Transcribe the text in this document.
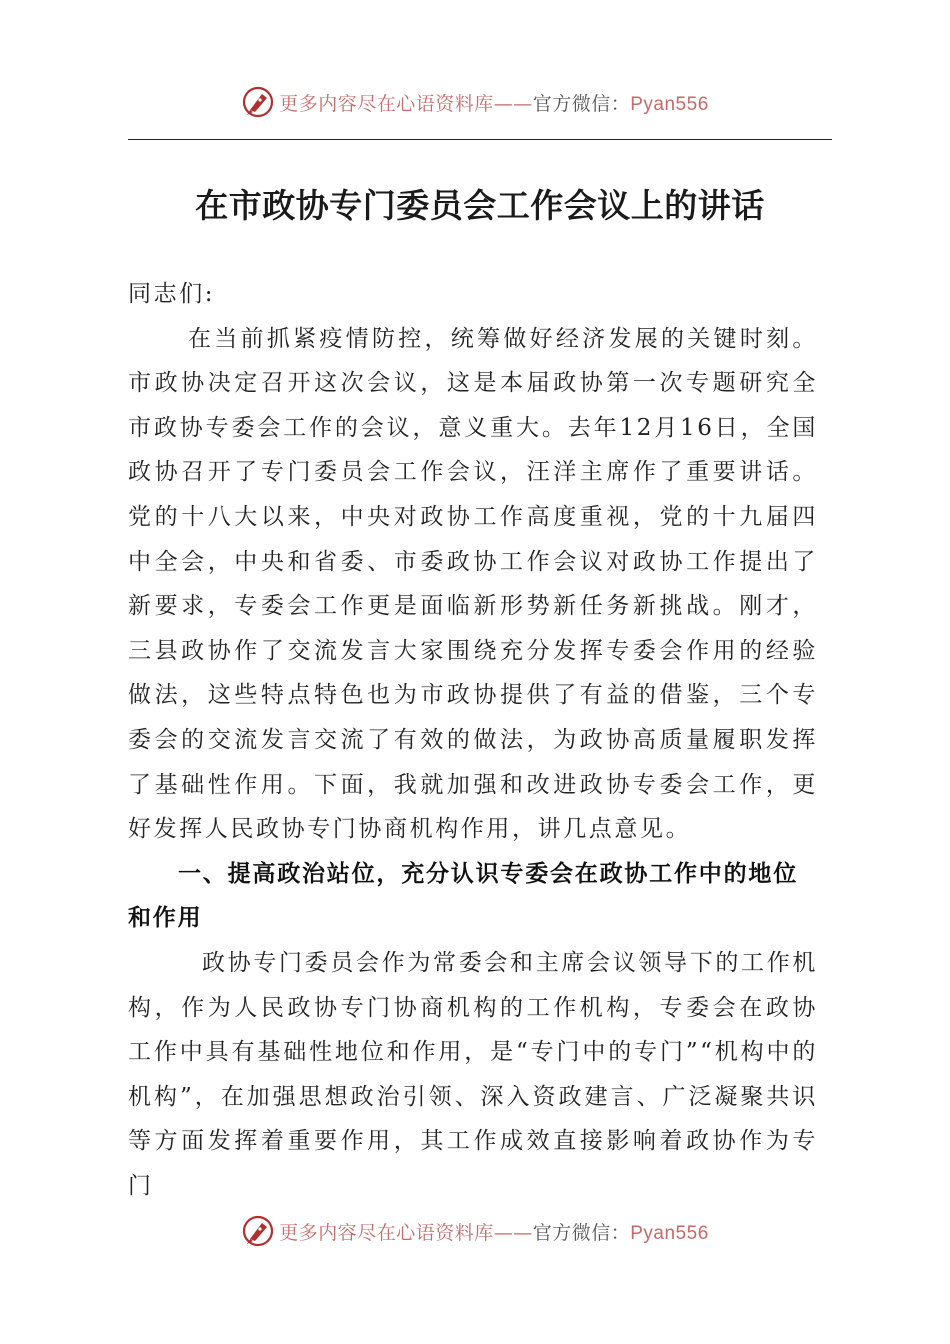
更多内容尽在心语资料库——官方微信：Pyan556
在市政协专门委员会工作会议上的讲话

同志们:

在当前抓紧疫情防控，统筹做好经济发展的关键时刻。市政协决定召开这次会议，这是本届政协第一次专题研究全市政协专委会工作的会议，意义重大。去年12月16日，全国政协召开了专门委员会工作会议，汪洋主席作了重要讲话。党的十八大以来，中央对政协工作高度重视，党的十九届四中全会，中央和省委、市委政协工作会议对政协工作提出了新要求，专委会工作更是面临新形势新任务新挑战。刚才，三县政协作了交流发言大家围绕充分发挥专委会作用的经验做法，这些特点特色也为市政协提供了有益的借鉴，三个专委会的交流发言交流了有效的做法，为政协高质量履职发挥了基础性作用。下面，我就加强和改进政协专委会工作，更好发挥人民政协专门协商机构作用，讲几点意见。

一、提高政治站位，充分认识专委会在政协工作中的地位和作用

政协专门委员会作为常委会和主席会议领导下的工作机构，作为人民政协专门协商机构的工作机构，专委会在政协工作中具有基础性地位和作用，是“专门中的专门”“机构中的机构”，在加强思想政治引领、深入资政建言、广泛凝聚共识等方面发挥着重要作用，其工作成效直接影响着政协作为专门

更多内容尽在心语资料库——官方微信：Pyan556
